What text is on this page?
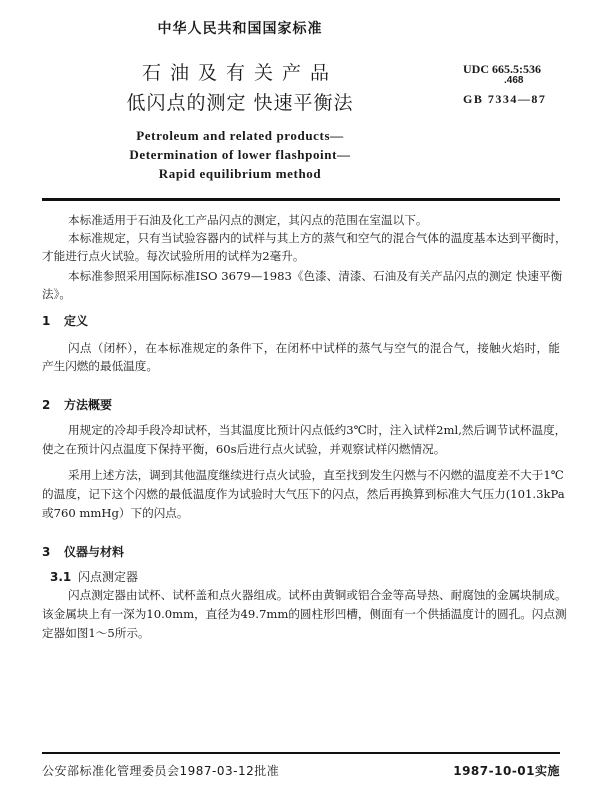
中华人民共和国国家标准
石油及有关产品
低闪点的测定 快速平衡法
UDC 665.5:536
.468
GB 7334—87
Petroleum and related products—
Determination of lower flashpoint—
Rapid equilibrium method
本标准适用于石油及化工产品闪点的测定，其闪点的范围在室温以下。
本标准规定，只有当试验容器内的试样与其上方的蒸气和空气的混合气体的温度基本达到平衡时，
才能进行点火试验。每次试验所用的试样为2毫升。
本标准参照采用国际标准ISO 3679—1983《色漆、清漆、石油及有关产品闪点的测定 快速平衡
法》。
1 定义
闪点（闭杯），在本标准规定的条件下，在闭杯中试样的蒸气与空气的混合气，接触火焰时，能
产生闪燃的最低温度。
2 方法概要
用规定的冷却手段冷却试杯，当其温度比预计闪点低约3℃时，注入试样2ml,然后调节试杯温度，
使之在预计闪点温度下保持平衡，60s后进行点火试验，并观察试样闪燃情况。
采用上述方法，调到其他温度继续进行点火试验，直至找到发生闪燃与不闪燃的温度差不大于1℃
的温度，记下这个闪燃的最低温度作为试验时大气压下的闪点，然后再换算到标准大气压力(101.3kPa
或760 mmHg）下的闪点。
3 仪器与材料
3.1 闪点测定器
闪点测定器由试杯、试杯盖和点火器组成。试杯由黄铜或铝合金等高导热、耐腐蚀的金属块制成。
该金属块上有一深为10.0mm，直径为49.7mm的圆柱形凹槽，侧面有一个供插温度计的圆孔。闪点测
定器如图1～5所示。
公安部标准化管理委员会1987-03-12批准	1987-10-01实施
